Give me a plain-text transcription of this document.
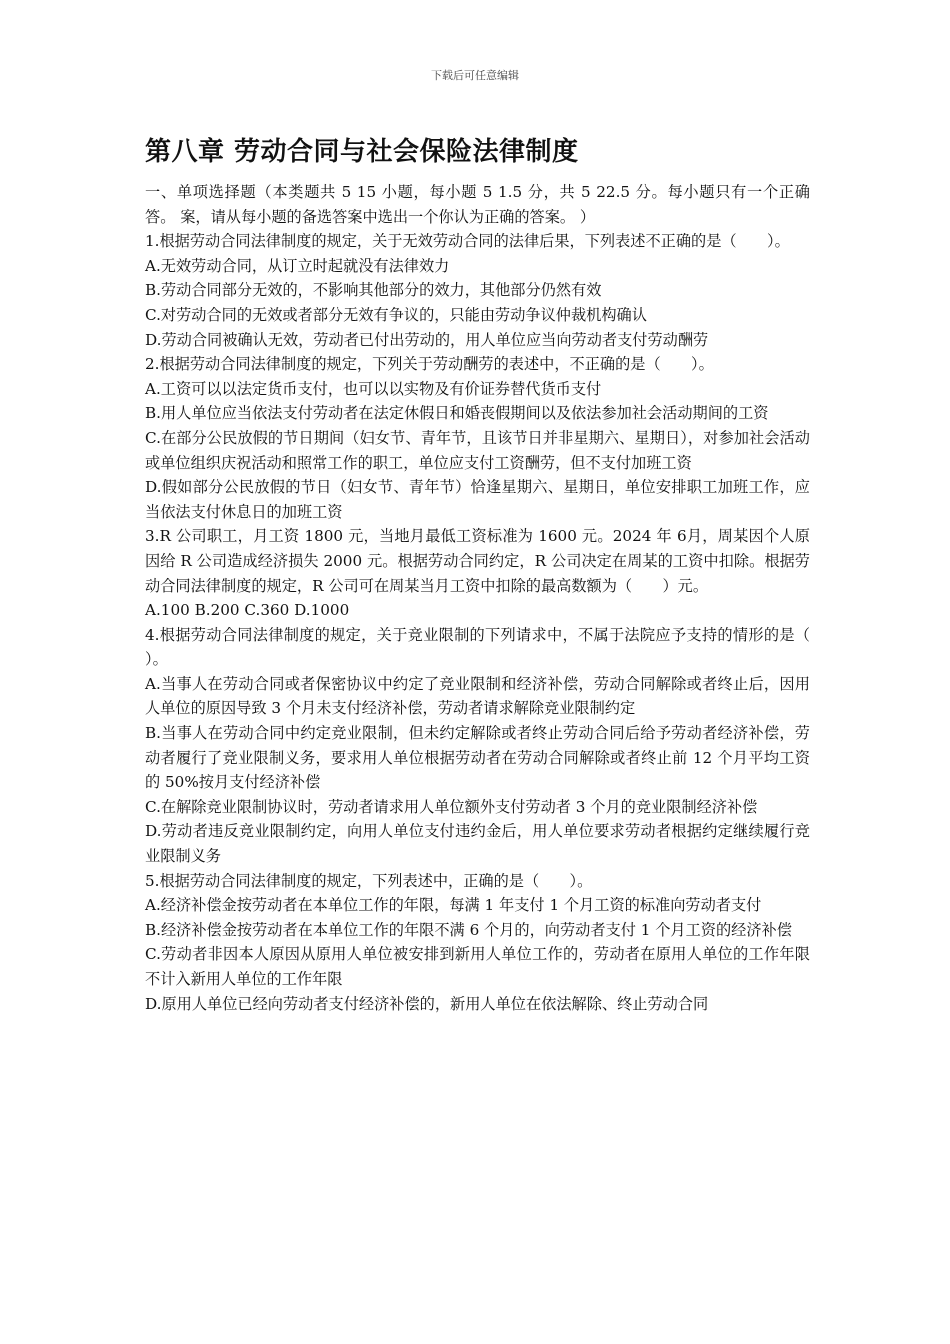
下载后可任意编辑
第八章 劳动合同与社会保险法律制度

一、单项选择题（本类题共 5 15 小题，每小题 5 1.5 分，共 5 22.5 分。每小题只有一个正确答。 案，请从每小题的备选答案中选出一个你认为正确的答案。 ）

1.根据劳动合同法律制度的规定，关于无效劳动合同的法律后果，下列表述不正确的是（　　）。

A.无效劳动合同，从订立时起就没有法律效力

B.劳动合同部分无效的，不影响其他部分的效力，其他部分仍然有效

C.对劳动合同的无效或者部分无效有争议的，只能由劳动争议仲裁机构确认

D.劳动合同被确认无效，劳动者已付出劳动的，用人单位应当向劳动者支付劳动酬劳

2.根据劳动合同法律制度的规定，下列关于劳动酬劳的表述中，不正确的是（　　）。

A.工资可以以法定货币支付，也可以以实物及有价证券替代货币支付

B.用人单位应当依法支付劳动者在法定休假日和婚丧假期间以及依法参加社会活动期间的工资

C.在部分公民放假的节日期间（妇女节、青年节，且该节日并非星期六、星期日），对参加社会活动或单位组织庆祝活动和照常工作的职工，单位应支付工资酬劳，但不支付加班工资

D.假如部分公民放假的节日（妇女节、青年节）恰逢星期六、星期日，单位安排职工加班工作，应当依法支付休息日的加班工资

3.R 公司职工，月工资 1800 元，当地月最低工资标准为 1600 元。2024 年 6月，周某因个人原因给 R 公司造成经济损失 2000 元。根据劳动合同约定，R 公司决定在周某的工资中扣除。根据劳动合同法律制度的规定，R 公司可在周某当月工资中扣除的最高数额为（　　）元。

A.100 B.200 C.360 D.1000

4.根据劳动合同法律制度的规定，关于竞业限制的下列请求中，不属于法院应予支持的情形的是（　　）。

A.当事人在劳动合同或者保密协议中约定了竞业限制和经济补偿，劳动合同解除或者终止后，因用人单位的原因导致 3 个月未支付经济补偿，劳动者请求解除竞业限制约定

B.当事人在劳动合同中约定竞业限制，但未约定解除或者终止劳动合同后给予劳动者经济补偿，劳动者履行了竞业限制义务，要求用人单位根据劳动者在劳动合同解除或者终止前 12 个月平均工资的 50%按月支付经济补偿

C.在解除竞业限制协议时，劳动者请求用人单位额外支付劳动者 3 个月的竞业限制经济补偿

D.劳动者违反竞业限制约定，向用人单位支付违约金后，用人单位要求劳动者根据约定继续履行竞业限制义务

5.根据劳动合同法律制度的规定，下列表述中，正确的是（　　）。

A.经济补偿金按劳动者在本单位工作的年限，每满 1 年支付 1 个月工资的标准向劳动者支付

B.经济补偿金按劳动者在本单位工作的年限不满 6 个月的，向劳动者支付 1 个月工资的经济补偿

C.劳动者非因本人原因从原用人单位被安排到新用人单位工作的，劳动者在原用人单位的工作年限不计入新用人单位的工作年限

D.原用人单位已经向劳动者支付经济补偿的，新用人单位在依法解除、终止劳动合同
